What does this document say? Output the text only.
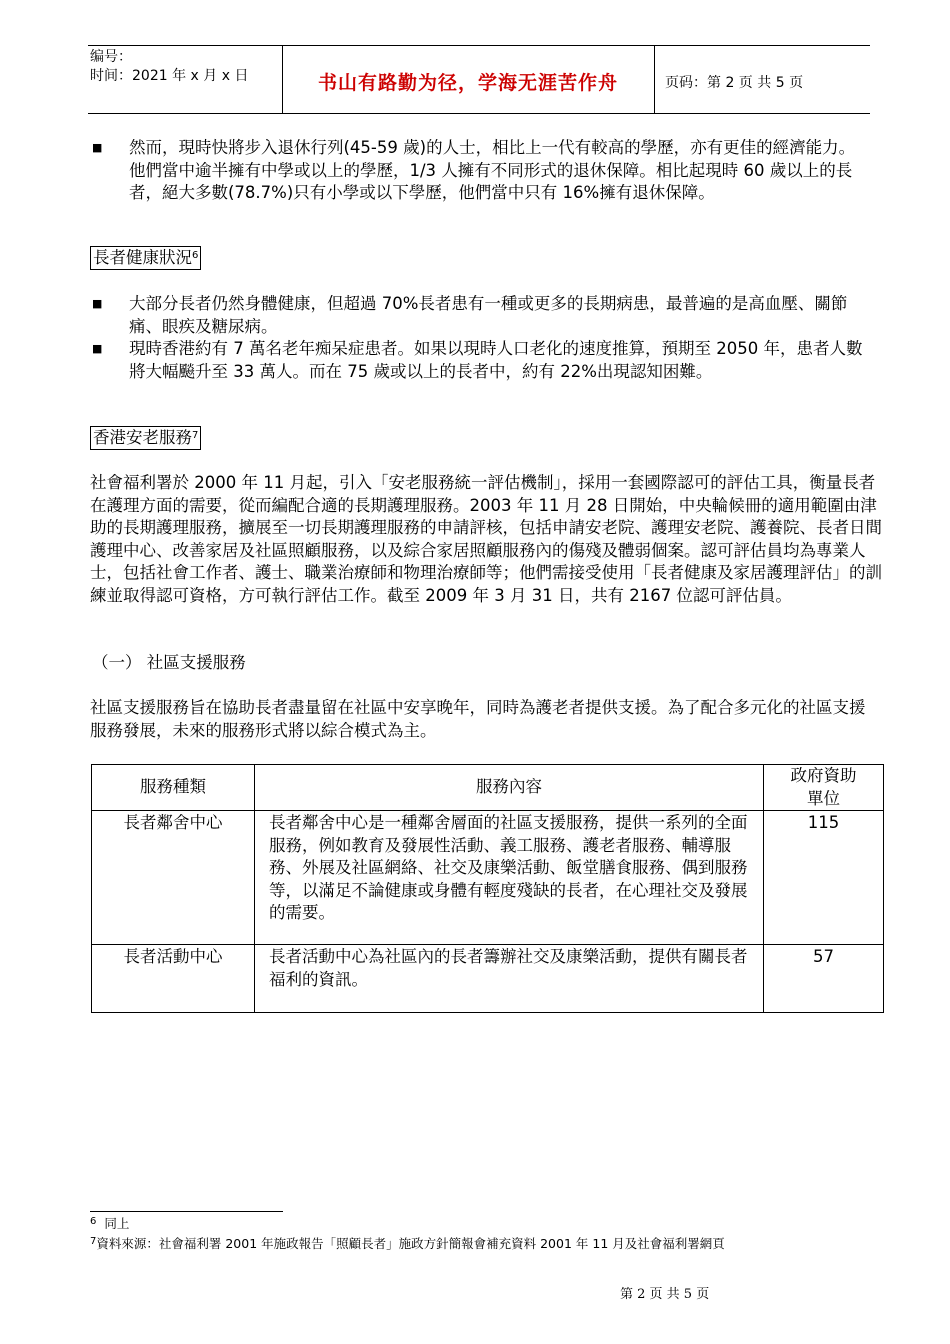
编号：
时间：2021 年 x 月 x 日	书山有路勤为径，学海无涯苦作舟	页码：第 2 页 共 5 页
■ 然而，現時快將步入退休行列(45-59 歲)的人士，相比上一代有較高的學歷，亦有更佳的經濟能力。他們當中逾半擁有中學或以上的學歷，1/3 人擁有不同形式的退休保障。相比起現時 60 歲以上的長者，絕大多數(78.7%)只有小學或以下學歷，他們當中只有 16%擁有退休保障。
長者健康狀況$^6$
■ 大部分長者仍然身體健康，但超過 70%長者患有一種或更多的長期病患，最普遍的是高血壓、關節痛、眼疾及糖尿病。
■ 現時香港約有 7 萬名老年痴呆症患者。如果以現時人口老化的速度推算，預期至 2050 年，患者人數將大幅飈升至 33 萬人。而在 75 歲或以上的長者中，約有 22%出現認知困難。
香港安老服務$^7$
社會福利署於 2000 年 11 月起，引入「安老服務統一評估機制」，採用一套國際認可的評估工具，衡量長者在護理方面的需要，從而編配合適的長期護理服務。2003 年 11 月 28 日開始，中央輪候冊的適用範圍由津助的長期護理服務，擴展至一切長期護理服務的申請評核，包括申請安老院、護理安老院、護養院、長者日間護理中心、改善家居及社區照顧服務，以及綜合家居照顧服務內的傷殘及體弱個案。認可評估員均為專業人士，包括社會工作者、護士、職業治療師和物理治療師等；他們需接受使用「長者健康及家居護理評估」的訓練並取得認可資格，方可執行評估工作。截至 2009 年 3 月 31 日，共有 2167 位認可評估員。
（一） 社區支援服務
社區支援服務旨在協助長者盡量留在社區中安享晚年，同時為護老者提供支援。為了配合多元化的社區支援服務發展，未來的服務形式將以綜合模式為主。
服務種類	服務內容	政府資助單位
長者鄰舍中心	長者鄰舍中心是一種鄰舍層面的社區支援服務，提供一系列的全面服務，例如教育及發展性活動、義工服務、護老者服務、輔導服務、外展及社區網絡、社交及康樂活動、飯堂膳食服務、偶到服務等，以滿足不論健康或身體有輕度殘缺的長者，在心理社交及發展的需要。	115
長者活動中心	長者活動中心為社區內的長者籌辦社交及康樂活動，提供有關長者福利的資訊。	57
$^6$ 同上
$^7$資料來源：社會福利署 2001 年施政報告「照顧長者」施政方針簡報會補充資料 2001 年 11 月及社會福利署網頁
第 2 页 共 5 页
